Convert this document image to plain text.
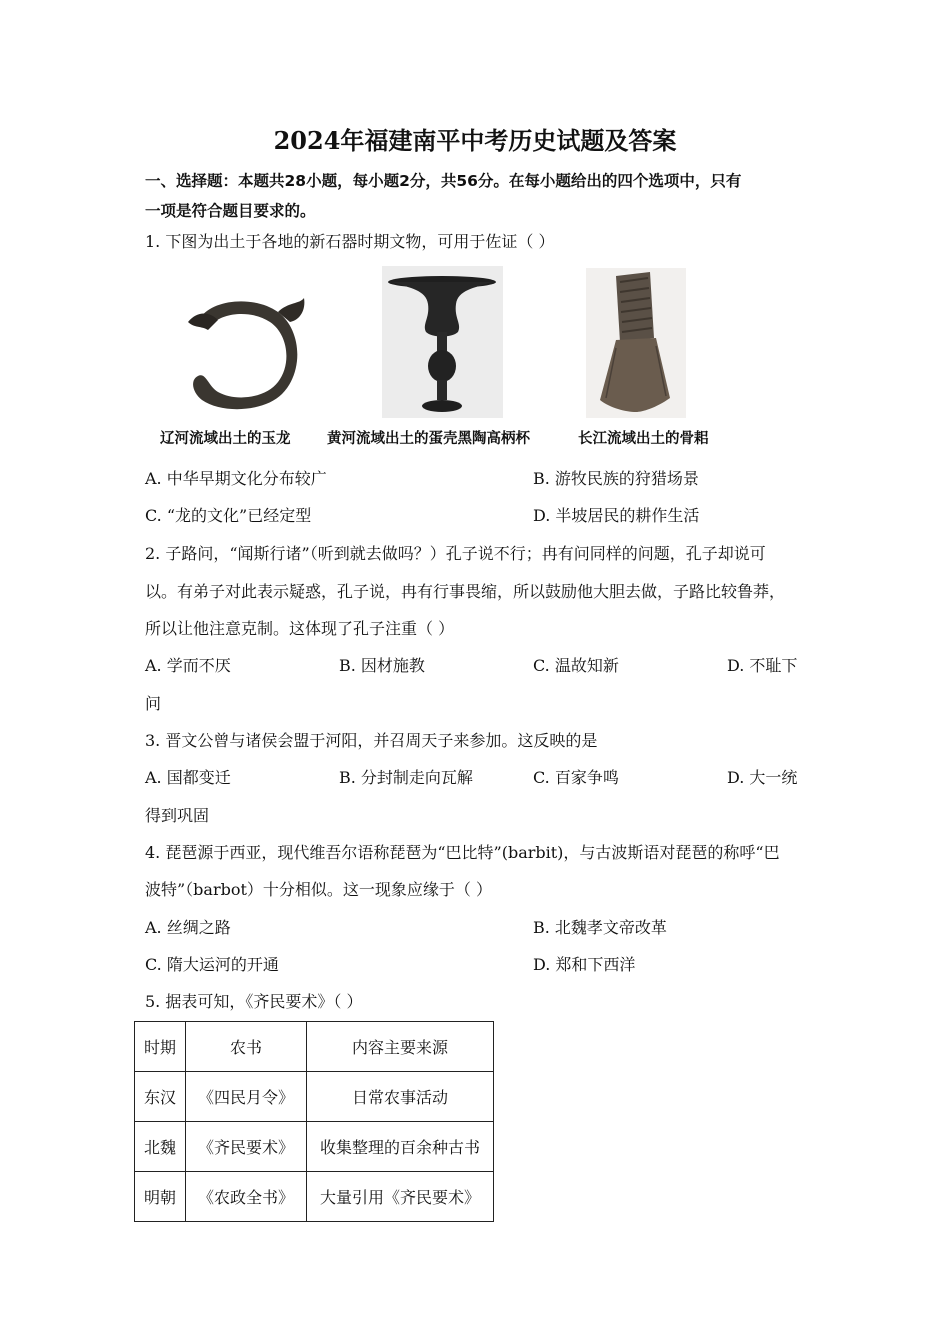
2024年福建南平中考历史试题及答案
一、选择题：本题共28小题，每小题2分，共56分。在每小题给出的四个选项中，只有
一项是符合题目要求的。
1. 下图为出土于各地的新石器时期文物，可用于佐证（ ）
辽河流域出土的玉龙	黄河流域出土的蛋壳黑陶高柄杯	长江流域出土的骨耜
A. 中华早期文化分布较广	B. 游牧民族的狩猎场景
C. “龙的文化”已经定型	D. 半坡居民的耕作生活
2. 子路问，“闻斯行诸”（听到就去做吗？）孔子说不行；冉有问同样的问题，孔子却说可
以。有弟子对此表示疑惑，孔子说，冉有行事畏缩，所以鼓励他大胆去做，子路比较鲁莽，
所以让他注意克制。这体现了孔子注重（ ）
A. 学而不厌	B. 因材施教	C. 温故知新	D. 不耻下
问
3. 晋文公曾与诸侯会盟于河阳，并召周天子来参加。这反映的是
A. 国都变迁	B. 分封制走向瓦解	C. 百家争鸣	D. 大一统
得到巩固
4. 琵琶源于西亚，现代维吾尔语称琵琶为“巴比特”(barbit)，与古波斯语对琵琶的称呼“巴
波特”（barbot）十分相似。这一现象应缘于（ ）
A. 丝绸之路	B. 北魏孝文帝改革
C. 隋大运河的开通	D. 郑和下西洋
5. 据表可知，《齐民要术》（ ）
时期	农书	内容主要来源
东汉	《四民月令》	日常农事活动
北魏	《齐民要术》	收集整理的百余种古书
明朝	《农政全书》	大量引用《齐民要术》
